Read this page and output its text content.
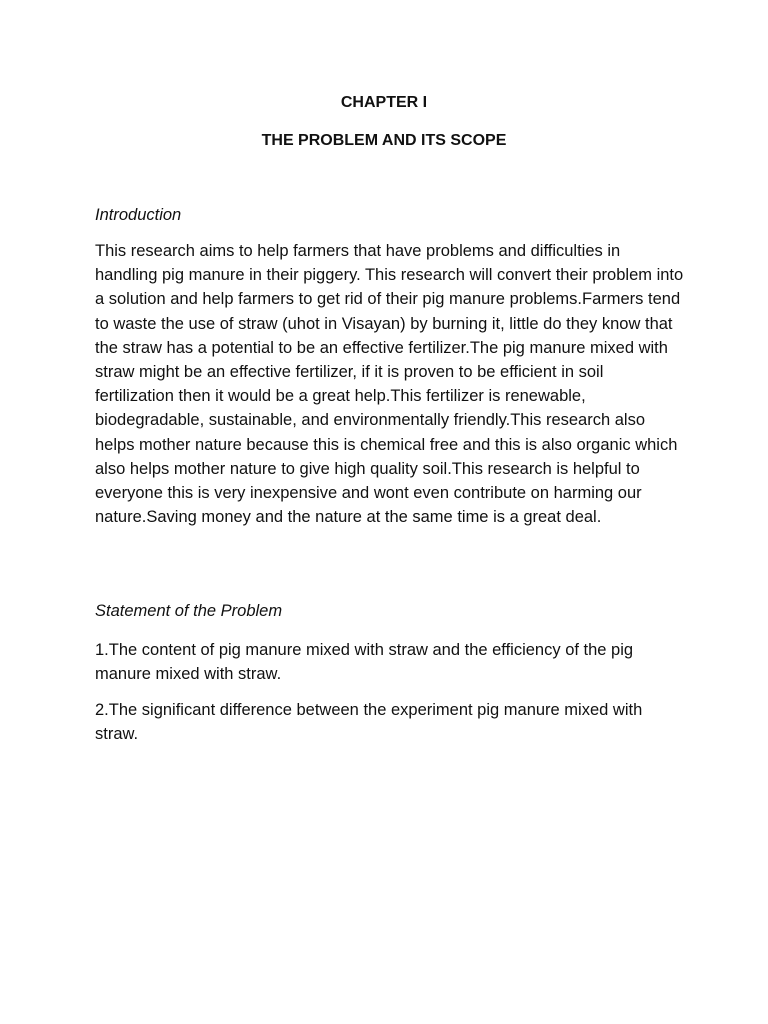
CHAPTER I
THE PROBLEM AND ITS SCOPE
Introduction

This research aims to help farmers that have problems and difficulties in handling pig manure in their piggery. This research will convert their problem into a solution and help farmers to get rid of their pig manure problems.Farmers tend to waste the use of straw (uhot in Visayan) by burning it, little do they know that the straw has a potential to be an effective fertilizer.The pig manure mixed with straw might be an effective fertilizer, if it is proven to be efficient in soil fertilization then it would be a great help.This fertilizer is renewable, biodegradable, sustainable, and environmentally friendly.This research also helps mother nature because this is chemical free and this is also organic which also helps mother nature to give high quality soil.This research is helpful to everyone this is very inexpensive and wont even contribute on harming our nature.Saving money and the nature at the same time is a great deal.

Statement of the Problem

1.The content of pig manure mixed with straw and the efficiency of the pig manure mixed with straw.

2.The significant difference between the experiment pig manure mixed with straw.
